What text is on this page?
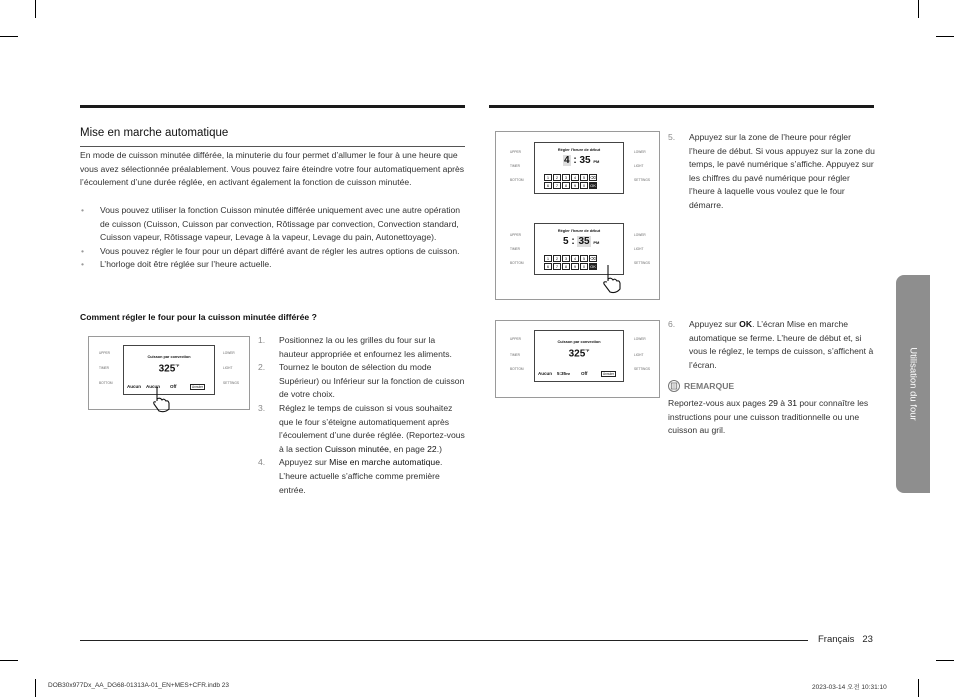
Mise en marche automatique
En mode de cuisson minutée différée, la minuterie du four permet d’allumer le four à une heure que vous avez sélectionnée préalablement. Vous pouvez faire éteindre votre four automatiquement après l’écoulement d’une durée réglée, en activant également la fonction de cuisson minutée.
• Vous pouvez utiliser la fonction Cuisson minutée différée uniquement avec une autre opération de cuisson (Cuisson, Cuisson par convection, Rôtissage par convection, Convection standard, Cuisson vapeur, Rôtissage vapeur, Levage à la vapeur, Levage du pain, Autonettoyage).
• Vous pouvez régler le four pour un départ différé avant de régler les autres options de cuisson.
• L’horloge doit être réglée sur l’heure actuelle.
Comment régler le four pour la cuisson minutée différée ?
UPPER
TIMER
BOTTOM
LOWER
LIGHT
SETTINGS
Cuisson par convection
$325^{^\circ F}$
Aucun Aucun Off	Annuler
1. Positionnez la ou les grilles du four sur la hauteur appropriée et enfournez les aliments.
2. Tournez le bouton de sélection du mode Supérieur) ou Inférieur sur la fonction de cuisson de votre choix.
3. Réglez le temps de cuisson si vous souhaitez que le four s’éteigne automatiquement après l’écoulement d’une durée réglée. (Reportez-vous à la section Cuisson minutée, en page 22.)
4. Appuyez sur Mise en marche automatique. L’heure actuelle s’affiche comme première entrée.
UPPER
TIMER
BOTTOM
LOWER
LIGHT
SETTINGS
Régler l’heure de début
4 : 35 PM
1	2	3	4	5	⌫
6	7	8	9	0	OK
UPPER
TIMER
BOTTOM
LOWER
LIGHT
SETTINGS
Régler l’heure de début
5 : 35 PM
1	2	3	4	5	⌫
6	7	8	9	0	OK
5. Appuyez sur la zone de l’heure pour régler l’heure de début. Si vous appuyez sur la zone du temps, le pavé numérique s’affiche. Appuyez sur les chiffres du pavé numérique pour régler l’heure à laquelle vous voulez que le four démarre.
UPPER
TIMER
BOTTOM
LOWER
LIGHT
SETTINGS
Cuisson par convection
$325^{^\circ F}$
Aucun 5:35PM Off	Annuler
6. Appuyez sur OK. L’écran Mise en marche automatique se ferme. L’heure de début et, si vous le réglez, le temps de cuisson, s’affichent à l’écran.
REMARQUE
Reportez-vous aux pages 29 à 31 pour connaître les instructions pour une cuisson traditionnelle ou une cuisson au gril.
Utilisation du four
Français 23
DOB30x977Dx_AA_DG68-01313A-01_EN+MES+CFR.indb 23	2023-03-14 오전 10:31:10
